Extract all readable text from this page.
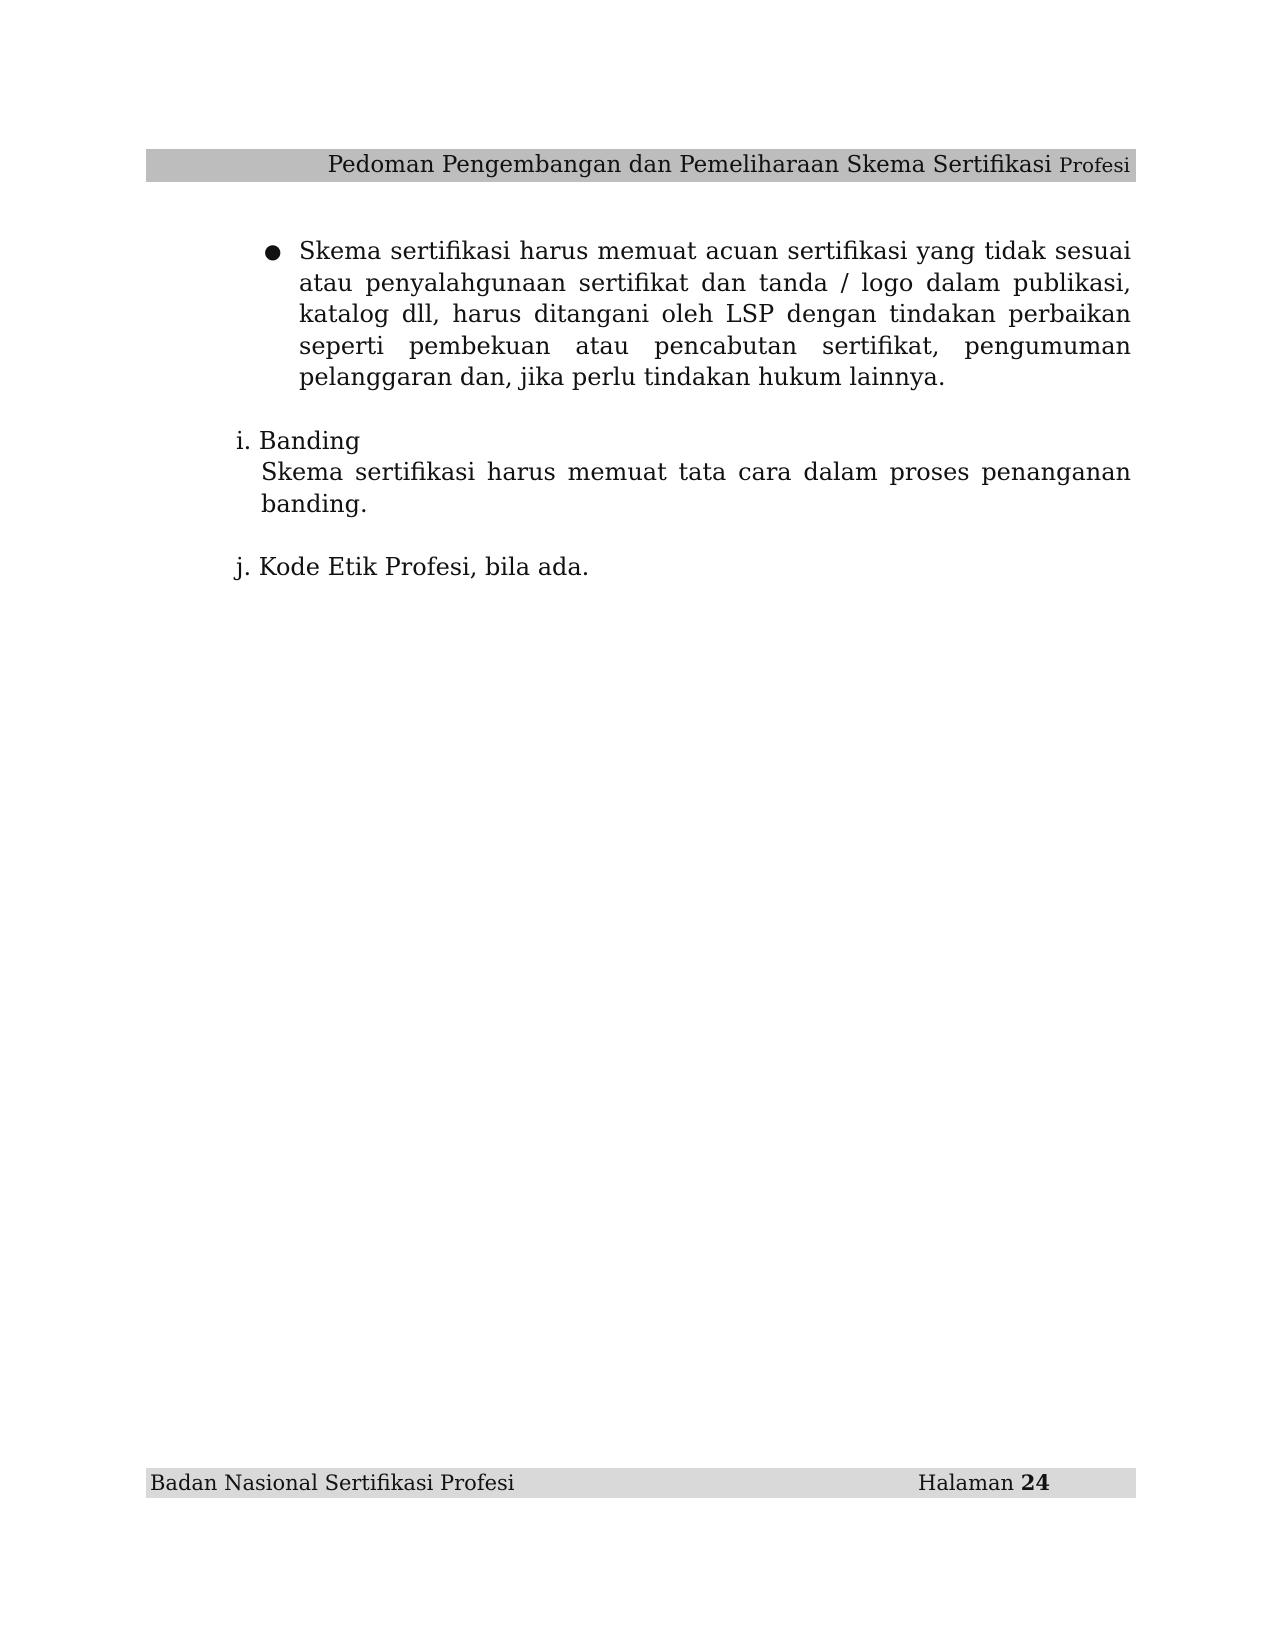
Pedoman Pengembangan dan Pemeliharaan Skema Sertifikasi Profesi
● Skema sertifikasi harus memuat acuan sertifikasi yang tidak sesuai atau penyalahgunaan sertifikat dan tanda / logo dalam publikasi, katalog dll, harus ditangani oleh LSP dengan tindakan perbaikan seperti pembekuan atau pencabutan sertifikat, pengumuman pelanggaran dan, jika perlu tindakan hukum lainnya.
i. Banding
Skema sertifikasi harus memuat tata cara dalam proses penanganan banding.
j. Kode Etik Profesi, bila ada.
Badan Nasional Sertifikasi Profesi	Halaman 24
